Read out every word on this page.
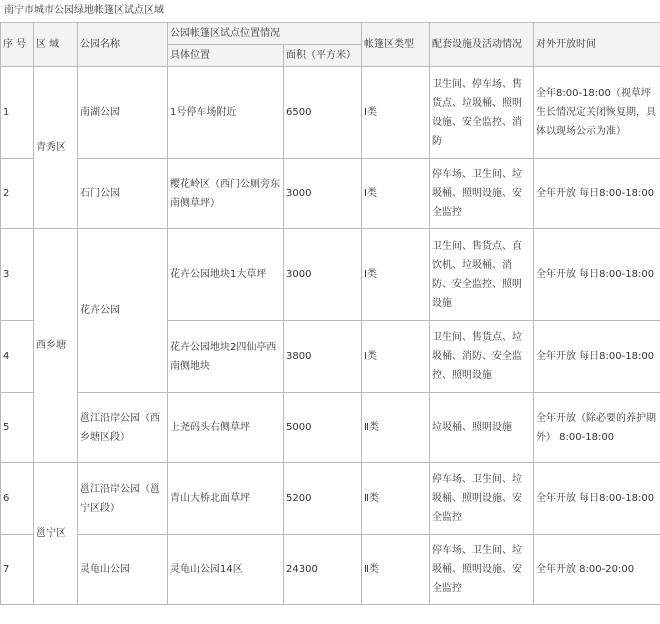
南宁市城市公园绿地帐篷区试点区域
序 号	区 域	公园名称	公园帐篷区试点位置情况		帐篷区类型	配套设施及活动情况	对外开放时间
			具体位置	面积（平方米）			
1	青秀区	南湖公园	1号停车场附近	6500	Ⅰ类	卫生间、停车场、售货点、垃圾桶、照明设施、安全监控、消防	全年8:00-18:00（视草坪生长情况定关闭恢复期，具体以现场公示为准）
2		石门公园	樱花岭区（西门公厕旁东南侧草坪）	3000	Ⅰ类	停车场、卫生间、垃圾桶、照明设施、安全监控	全年开放 每日8:00-18:00
3	西乡塘	花卉公园	花卉公园地块1大草坪	3000	Ⅰ类	卫生间、售货点、直饮机、垃圾桶、消防、安全监控、照明设施	全年开放 每日8:00-18:00
4			花卉公园地块2四仙亭西南侧地块	3800	Ⅰ类	卫生间、售货点、垃圾桶、消防、安全监控、照明设施	全年开放 每日8:00-18:00
5		邕江沿岸公园（西乡塘区段）	上尧码头右侧草坪	5000	Ⅱ类	垃圾桶、照明设施	全年开放（除必要的养护期外） 8:00-18:00
6	邕宁区	邕江沿岸公园（邕宁区段）	青山大桥北面草坪	5200	Ⅱ类	停车场、卫生间、垃圾桶、照明设施、安全监控	全年开放 每日8:00-18:00
7		灵龟山公园	灵龟山公园14区	24300	Ⅱ类	停车场、卫生间、垃圾桶、照明设施、安全监控	全年开放 8:00-20:00
